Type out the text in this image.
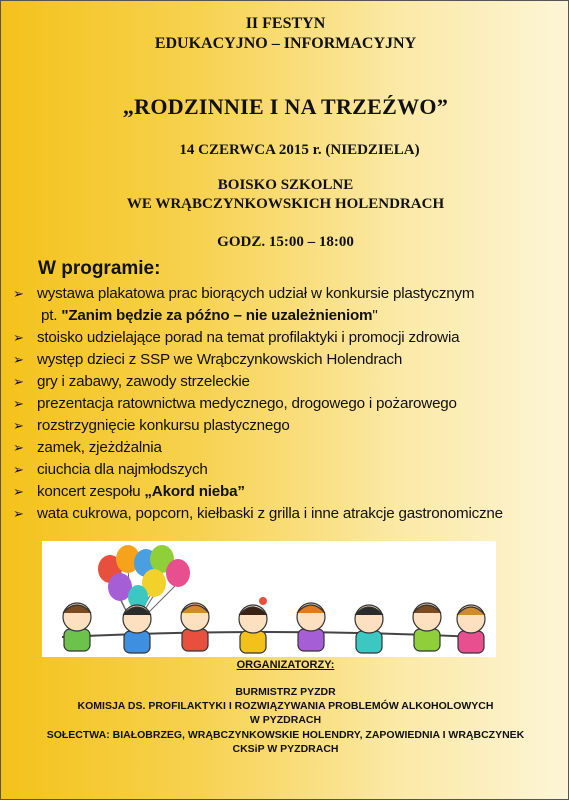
II FESTYN
EDUKACYJNO – INFORMACYJNY
„RODZINNIE I NA TRZEŹWO”
14 CZERWCA 2015 r. (NIEDZIELA)
BOISKO SZKOLNE
WE WRĄBCZYNKOWSKICH HOLENDRACH
GODZ. 15:00 – 18:00
W programie:
➢ wystawa plakatowa prac biorących udział w konkursie plastycznym
pt. "Zanim będzie za późno – nie uzależnieniom"
➢ stoisko udzielające porad na temat profilaktyki i promocji zdrowia
➢ występ dzieci z SSP we Wrąbczynkowskich Holendrach
➢ gry i zabawy, zawody strzeleckie
➢ prezentacja ratownictwa medycznego, drogowego i pożarowego
➢ rozstrzygnięcie konkursu plastycznego
➢ zamek, zjeżdżalnia
➢ ciuchcia dla najmłodszych
➢ koncert zespołu „Akord nieba”
➢ wata cukrowa, popcorn, kiełbaski z grilla i inne atrakcje gastronomiczne
ORGANIZATORZY:
BURMISTRZ PYZDR
KOMISJA DS. PROFILAKTYKI I ROZWIĄZYWANIA PROBLEMÓW ALKOHOLOWYCH
W PYZDRACH
SOŁECTWA: BIAŁOBRZEG, WRĄBCZYNKOWSKIE HOLENDRY, ZAPOWIEDNIA I WRĄBCZYNEK
CKSiP W PYZDRACH
